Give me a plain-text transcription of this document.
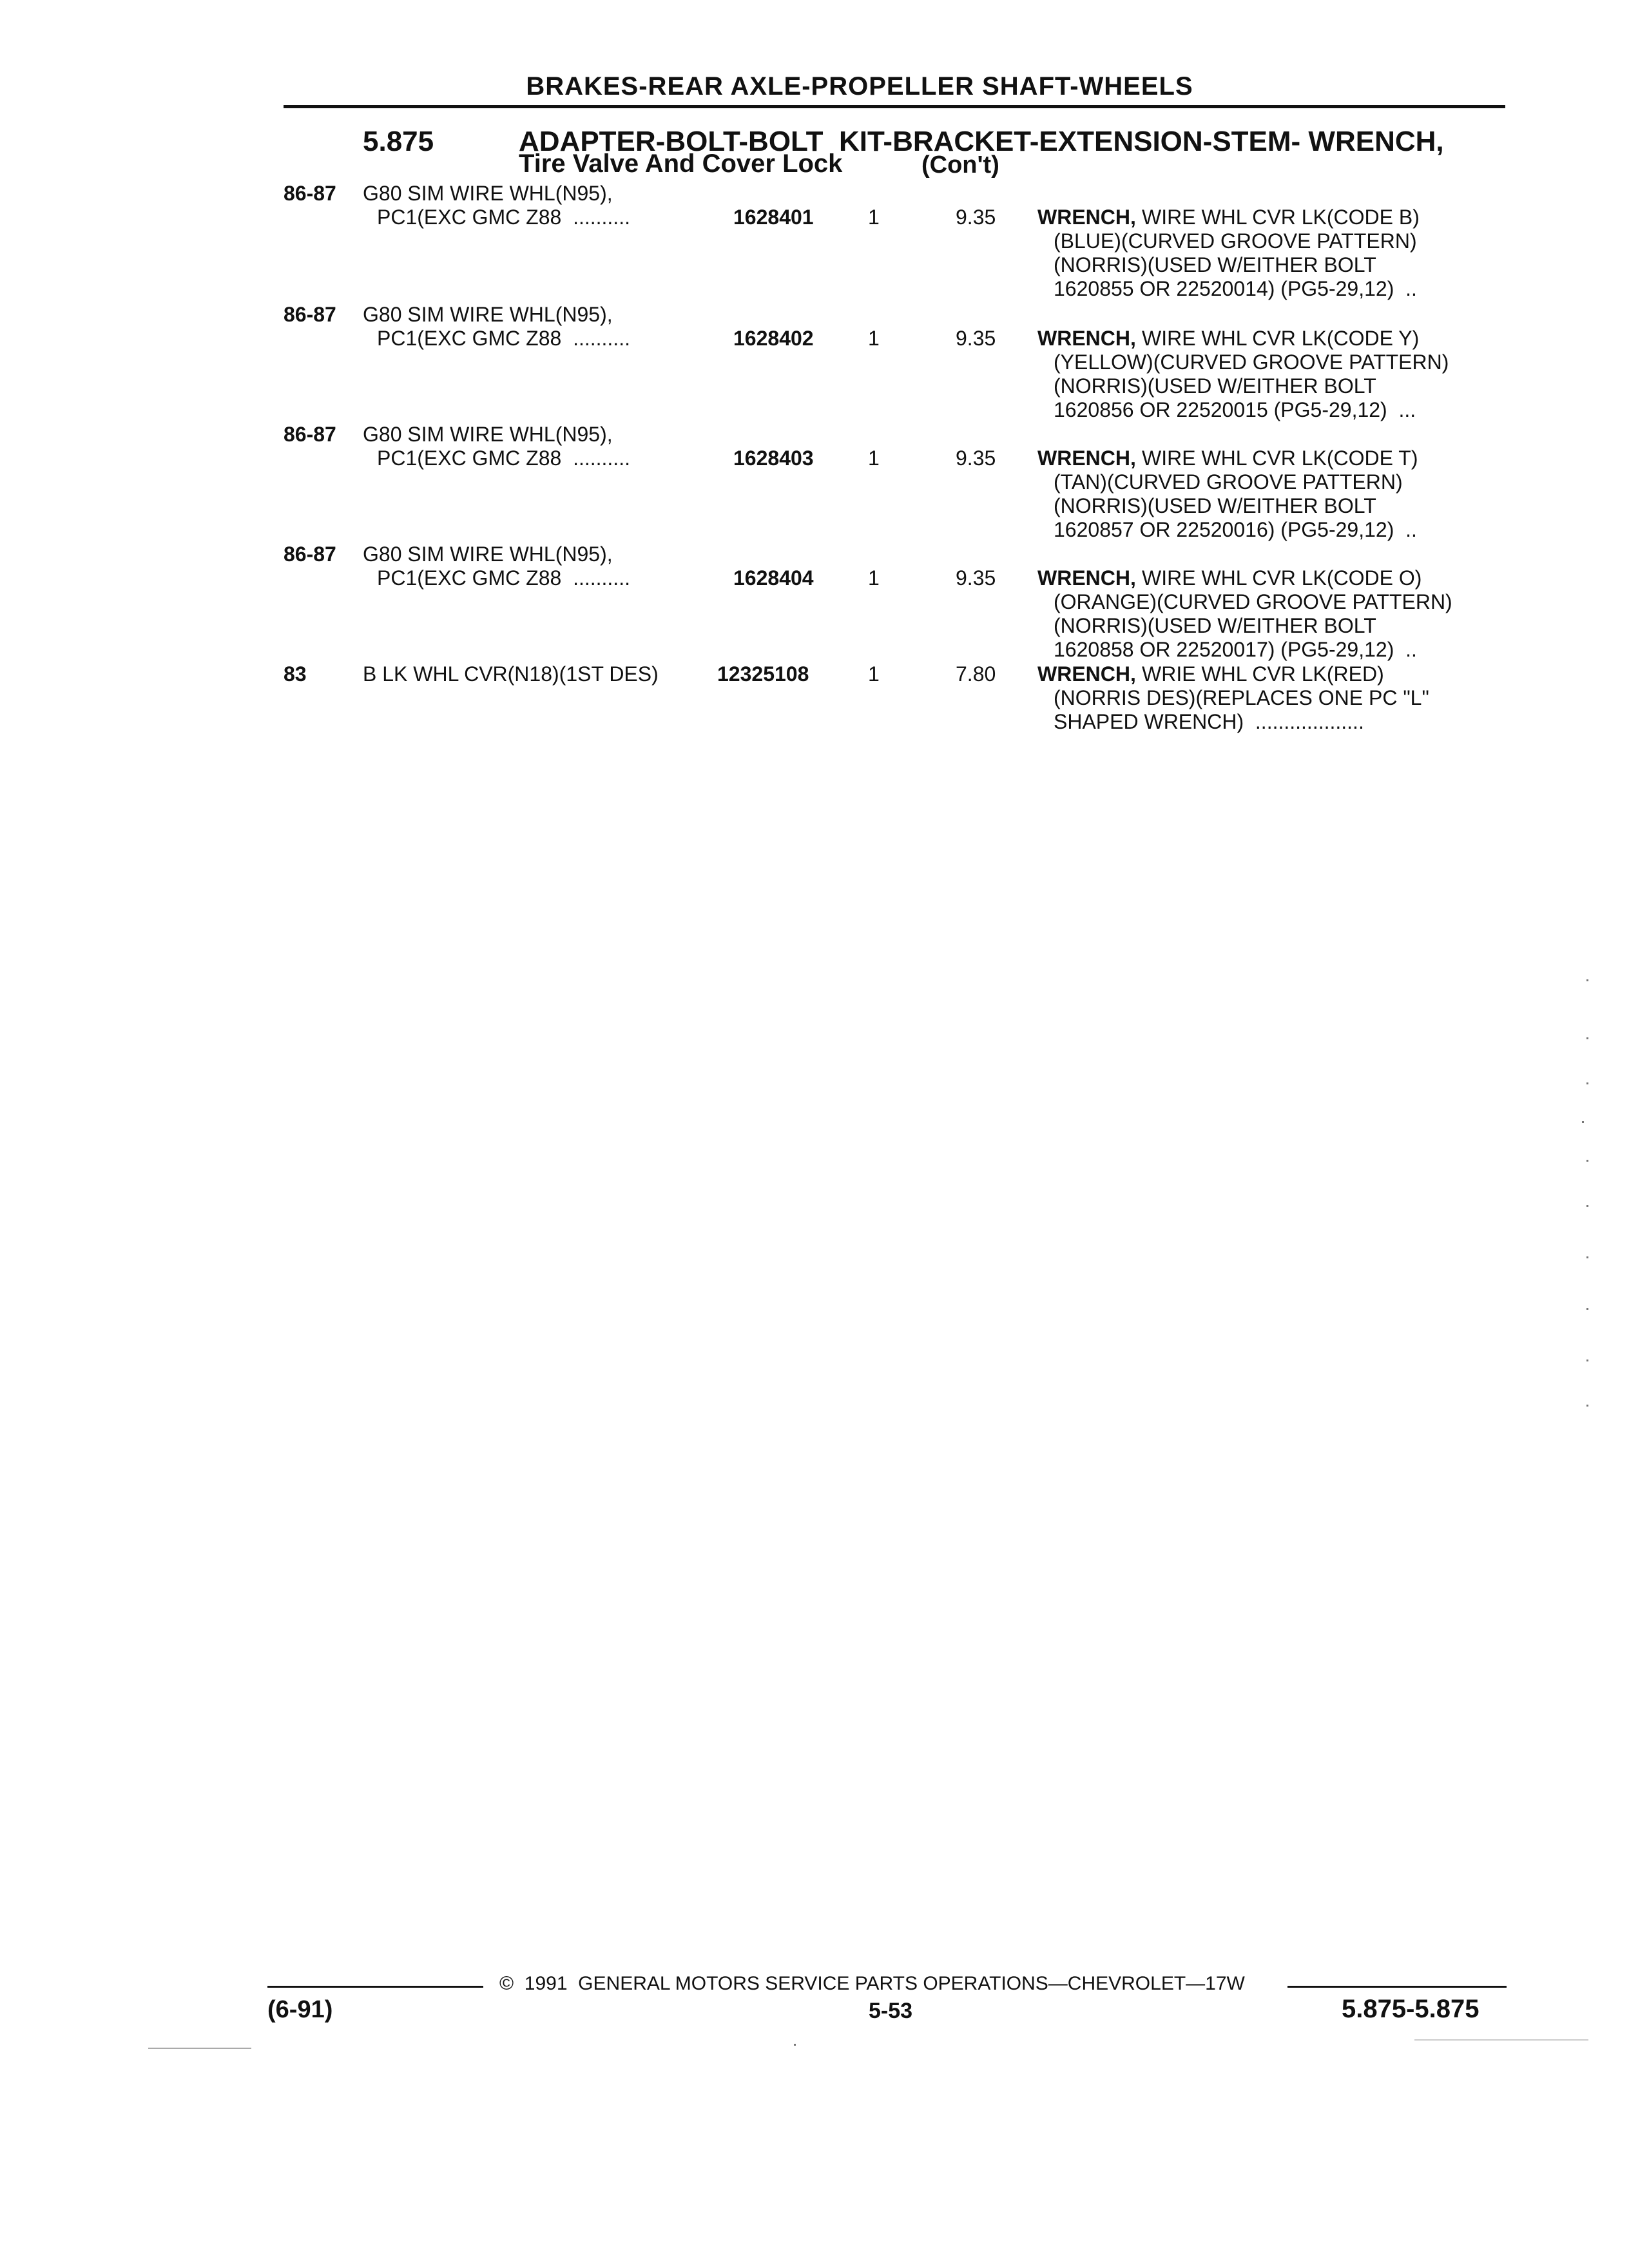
BRAKES-REAR AXLE-PROPELLER SHAFT-WHEELS
5.875	ADAPTER-BOLT-BOLT  KIT-BRACKET-EXTENSION-STEM- WRENCH,
Tire Valve And Cover Lock	(Con't)
86-87 G80 SIM WIRE WHL(N95),
PC1(EXC GMC Z88  ..........	1628401	1	9.35 WRENCH, WIRE WHL CVR LK(CODE B)
(BLUE)(CURVED GROOVE PATTERN)
(NORRIS)(USED W/EITHER BOLT
1620855 OR 22520014) (PG5-29,12)  ..
86-87 G80 SIM WIRE WHL(N95),
PC1(EXC GMC Z88  ..........	1628402	1	9.35 WRENCH, WIRE WHL CVR LK(CODE Y)
(YELLOW)(CURVED GROOVE PATTERN)
(NORRIS)(USED W/EITHER BOLT
1620856 OR 22520015 (PG5-29,12)  ...
86-87 G80 SIM WIRE WHL(N95),
PC1(EXC GMC Z88  ..........	1628403	1	9.35 WRENCH, WIRE WHL CVR LK(CODE T)
(TAN)(CURVED GROOVE PATTERN)
(NORRIS)(USED W/EITHER BOLT
1620857 OR 22520016) (PG5-29,12)  ..
86-87 G80 SIM WIRE WHL(N95),
PC1(EXC GMC Z88  ..........	1628404	1	9.35 WRENCH, WIRE WHL CVR LK(CODE O)
(ORANGE)(CURVED GROOVE PATTERN)
(NORRIS)(USED W/EITHER BOLT
1620858 OR 22520017) (PG5-29,12)  ..
83	B LK WHL CVR(N18)(1ST DES)	12325108	1	7.80 WRENCH, WRIE WHL CVR LK(RED)
(NORRIS DES)(REPLACES ONE PC "L"
SHAPED WRENCH)  ...................
©  1991  GENERAL MOTORS SERVICE PARTS OPERATIONS—CHEVROLET—17W
(6-91)	5-53	5.875-5.875
